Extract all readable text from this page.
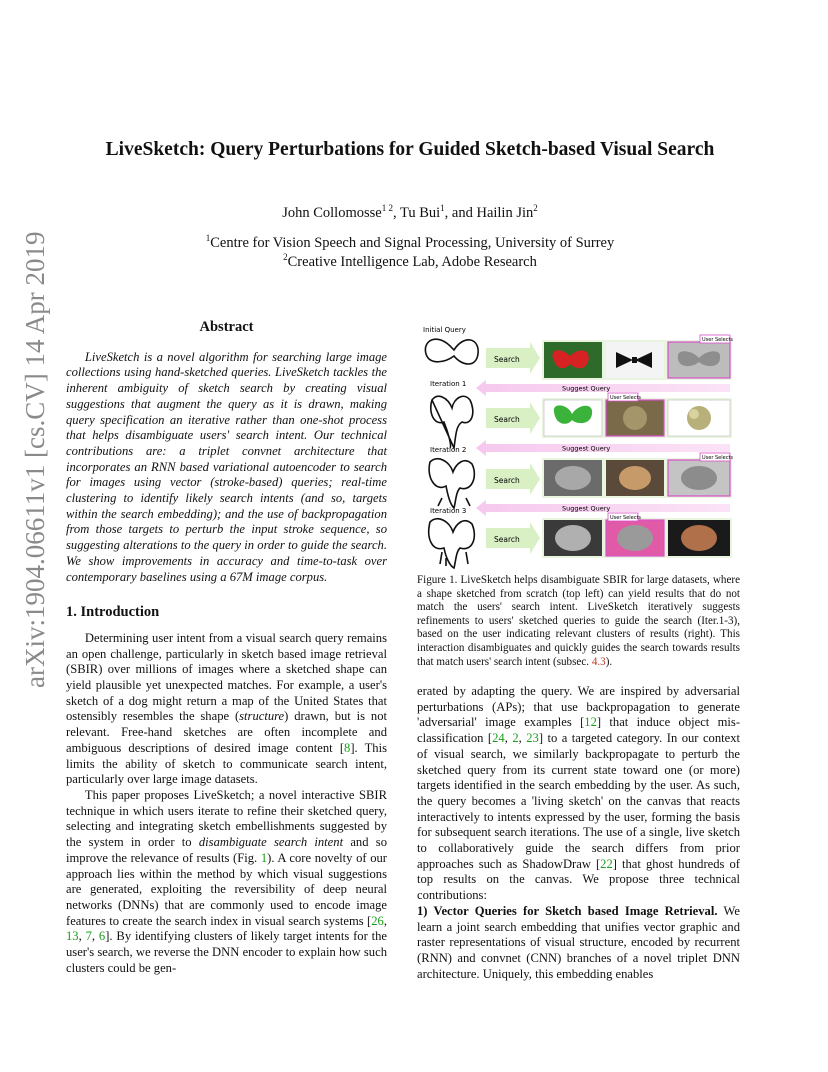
arXiv:1904.06611v1 [cs.CV] 14 Apr 2019
LiveSketch: Query Perturbations for Guided Sketch-based Visual Search
John Collomosse$^{1 2}$, Tu Bui$^1$, and Hailin Jin$^2$
$^1$Centre for Vision Speech and Signal Processing, University of Surrey
$^2$Creative Intelligence Lab, Adobe Research
Abstract

LiveSketch is a novel algorithm for searching large image collections using hand-sketched queries. LiveSketch tackles the inherent ambiguity of sketch search by creating visual suggestions that augment the query as it is drawn, making query specification an iterative rather than one-shot process that helps disambiguate users' search intent. Our technical contributions are: a triplet convnet architecture that incorporates an RNN based variational autoencoder to search for images using vector (stroke-based) queries; real-time clustering to identify likely search intents (and so, targets within the search embedding); and the use of backpropagation from those targets to perturb the input stroke sequence, so suggesting alterations to the query in order to guide the search. We show improvements in accuracy and time-to-task over contemporary baselines using a 67M image corpus.

1. Introduction

Determining user intent from a visual search query remains an open challenge, particularly in sketch based image retrieval (SBIR) over millions of images where a sketched shape can yield plausible yet unexpected matches. For example, a user's sketch of a dog might return a map of the United States that ostensibly resembles the shape (structure) drawn, but is not relevant. Free-hand sketches are often incomplete and ambiguous descriptions of desired image content [8]. This limits the ability of sketch to communicate search intent, particularly over large image datasets.

This paper proposes LiveSketch; a novel interactive SBIR technique in which users iterate to refine their sketched query, selecting and integrating sketch embellishments suggested by the system in order to disambiguate search intent and so improve the relevance of results (Fig. 1). A core novelty of our approach lies within the method by which visual suggestions are generated, exploiting the reversibility of deep neural networks (DNNs) that are commonly used to encode image features to create the search index in visual search systems [26, 13, 7, 6]. By identifying clusters of likely target intents for the user's search, we reverse the DNN encoder to explain how such clusters could be gen-

Initial Query
Iteration 1
Iteration 2
Iteration 3
Search
Search
Search
Search
Suggest Query
Suggest Query
Suggest Query
User Selects
User Selects
User Selects
User Selects
Figure 1. LiveSketch helps disambiguate SBIR for large datasets, where a shape sketched from scratch (top left) can yield results that do not match the users' search intent. LiveSketch iteratively suggests refinements to users' sketched queries to guide the search (Iter.1-3), based on the user indicating relevant clusters of results (right). This interaction disambiguates and quickly guides the search towards results that match users' search intent (subsec. 4.3).

erated by adapting the query. We are inspired by adversarial perturbations (APs); that use backpropagation to generate 'adversarial' image examples [12] that induce object mis-classification [24, 2, 23] to a targeted category. In our context of visual search, we similarly backpropagate to perturb the sketched query from its current state toward one (or more) targets identified in the search embedding by the user. As such, the query becomes a 'living sketch' on the canvas that reacts interactively to intents expressed by the user, forming the basis for subsequent search iterations. The use of a single, live sketch to collaboratively guide the search differs from prior approaches such as ShadowDraw [22] that ghost hundreds of top results on the canvas. We propose three technical contributions:

1) Vector Queries for Sketch based Image Retrieval. We learn a joint search embedding that unifies vector graphic and raster representations of visual structure, encoded by recurrent (RNN) and convnet (CNN) branches of a novel triplet DNN architecture. Uniquely, this embedding enables
